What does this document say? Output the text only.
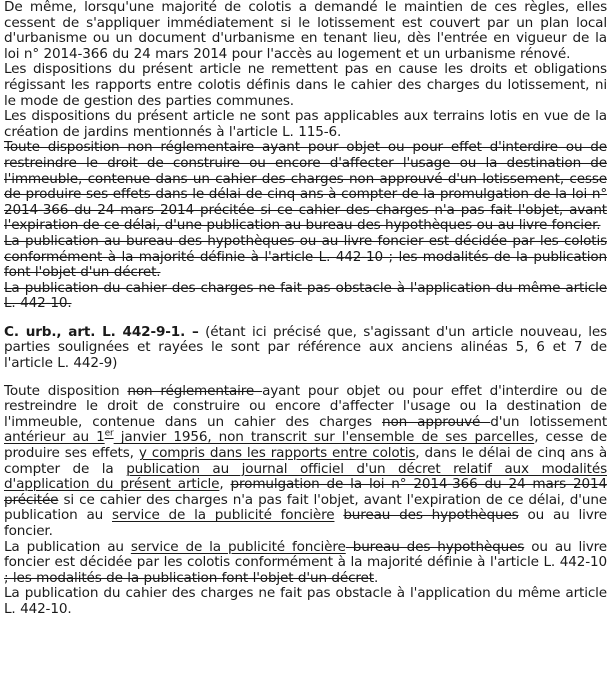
De même, lorsqu'une majorité de colotis a demandé le maintien de ces règles, elles cessent de s'appliquer immédiatement si le lotissement est couvert par un plan local d'urbanisme ou un document d'urbanisme en tenant lieu, dès l'entrée en vigueur de la loi n° 2014-366 du 24 mars 2014 pour l'accès au logement et un urbanisme rénové.

Les dispositions du présent article ne remettent pas en cause les droits et obligations régissant les rapports entre colotis définis dans le cahier des charges du lotissement, ni le mode de gestion des parties communes.

Les dispositions du présent article ne sont pas applicables aux terrains lotis en vue de la création de jardins mentionnés à l'article L. 115-6.

Toute disposition non réglementaire ayant pour objet ou pour effet d'interdire ou de restreindre le droit de construire ou encore d'affecter l'usage ou la destination de l'immeuble, contenue dans un cahier des charges non approuvé d'un lotissement, cesse de produire ses effets dans le délai de cinq ans à compter de la promulgation de la loi n° 2014-366 du 24 mars 2014 précitée si ce cahier des charges n'a pas fait l'objet, avant l'expiration de ce délai, d'une publication au bureau des hypothèques ou au livre foncier.

La publication au bureau des hypothèques ou au livre foncier est décidée par les colotis conformément à la majorité définie à l'article L. 442-10 ; les modalités de la publication font l'objet d'un décret.

La publication du cahier des charges ne fait pas obstacle à l'application du même article L. 442-10.

C. urb., art. L. 442-9-1. – (étant ici précisé que, s'agissant d'un article nouveau, les parties soulignées et rayées le sont par référence aux anciens alinéas 5, 6 et 7 de l'article L. 442-9)

Toute disposition non réglementaire ayant pour objet ou pour effet d'interdire ou de restreindre le droit de construire ou encore d'affecter l'usage ou la destination de l'immeuble, contenue dans un cahier des charges non approuvé d'un lotissement antérieur au 1er janvier 1956, non transcrit sur l'ensemble de ses parcelles, cesse de produire ses effets, y compris dans les rapports entre colotis, dans le délai de cinq ans à compter de la publication au journal officiel d'un décret relatif aux modalités d'application du présent article, promulgation de la loi n° 2014-366 du 24 mars 2014 précitée si ce cahier des charges n'a pas fait l'objet, avant l'expiration de ce délai, d'une publication au service de la publicité foncière bureau des hypothèques ou au livre foncier.

La publication au service de la publicité foncière bureau des hypothèques ou au livre foncier est décidée par les colotis conformément à la majorité définie à l'article L. 442-10 ; les modalités de la publication font l'objet d'un décret.

La publication du cahier des charges ne fait pas obstacle à l'application du même article L. 442-10.
